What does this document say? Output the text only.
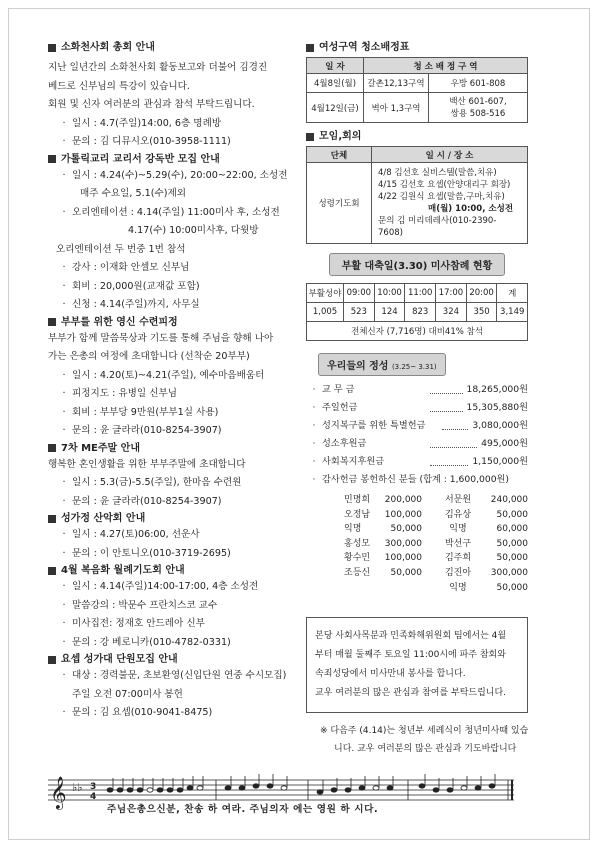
소화천사회 총회 안내
지난 일년간의 소화천사회 활동보고와 더불어 김경진
베드로 신부님의 특강이 있습니다.
회원 및 신자 여러분의 관심과 참석 부탁드립니다.
· 일시 : 4.7(주일)14:00, 6층 명례방
· 문의 : 김 디뮤시오(010-3958-1111)
가톨릭교리 교리서 강독반 모집 안내
· 일시 : 4.24(수)~5.29(수), 20:00~22:00, 소성전
매주 수요일, 5.1(수)제외
· 오리엔테이션 : 4.14(주일) 11:00미사 후, 소성전
4.17(수) 10:00미사후, 다윗방
오리엔테이션 두 번중 1번 참석
· 강사 : 이재화 안셀모 신부님
· 회비 : 20,000원(교재값 포함)
· 신청 : 4.14(주일)까지, 사무실
부부를 위한 영신 수련피정
부부가 함께 말씀묵상과 기도를 통해 주님을 향해 나아
가는 은총의 여정에 초대합니다 (선착순 20부부)
· 일시 : 4.20(토)~4.21(주일), 예수마음배움터
· 피정지도 : 유병일 신부님
· 회비 : 부부당 9만원(부부1실 사용)
· 문의 : 윤 글라라(010-8254-3907)
7차 ME주말 안내
행복한 혼인생활을 위한 부부주말에 초대합니다
· 일시 : 5.3(금)-5.5(주일), 한마음 수련원
· 문의 : 윤 글라라(010-8254-3907)
성가정 산악회 안내
· 일시 : 4.27(토)06:00, 선운사
· 문의 : 이 안토니오(010-3719-2695)
4월 복음화 월례기도회 안내
· 일시 : 4.14(주일)14:00-17:00, 4층 소성전
· 말씀강의 : 박문수 프란치스코 교수
· 미사집전: 정재호 안드레아 신부
· 문의 : 강 베로니카(010-4782-0331)
요셉 성가대 단원모집 안내
· 대상 : 경력불문, 초보환영(신입단원 연중 수시모집)
주일 오전 07:00미사 봉헌
· 문의 : 김 요셉(010-9041-8475)
여성구역 청소배정표
일 자	청 소 배 정 구 역	
4월8일(월)	갈촌12,13구역	우방 601-808
4월12일(금)	벽아 1,3구역	백산 601-607,
쌍용 508-516
모임,회의
단체	일 시 / 장 소
성령기도회	4/8 김선호 실비스텔(말씀,치유)
4/15 김선호 요셉(안양대리구 회장)
4/22 김원식 요셉(말씀,구마,치유)
매(월) 10:00, 소성전
문의 김 미리데레사(010-2390-7608)
부활 대축일(3.30) 미사참례 현황
부활성야	09:00	10:00	11:00	17:00	20:00	계
1,005	523	124	823	324	350	3,149
전체신자 (7,716명) 대비41% 참석						
우리들의 정성 (3.25~ 3.31)
· 교 무 금	18,265,000원
· 주일헌금	15,305,880원
· 성지복구를 위한 특별헌금	3,080,000원
· 성소후원금	495,000원
· 사회복지후원금	1,150,000원
· 감사헌금 봉헌하신 분들 (합계 : 1,600,000원)
민명희	200,000	서문원	240,000
오정남	100,000	김유상	50,000
익명	50,000	익명	60,000
홍성모	300,000	박선구	50,000
황수민	100,000	김주희	50,000
조등신	50,000	김진아	300,000
익명	50,000
본당 사회사목분과 민족화해위원회 팀에서는 4월
부터 매월 둘째주 토요일 11:00시에 파주 참회와
속죄성당에서 미사만내 봉사를 합니다.
교우 여러분의 많은 관심과 참여를 부탁드립니다.
※ 다음주 (4.14)는 청년부 세례식이 청년미사때 있습
니다. 교우 여러분의 많은 관심과 기도바랍니다
𝄞 ♭♭ 3
4
주님은총으신분, 찬송 하 여라. 주님의자 에는 영원 하 시다.
